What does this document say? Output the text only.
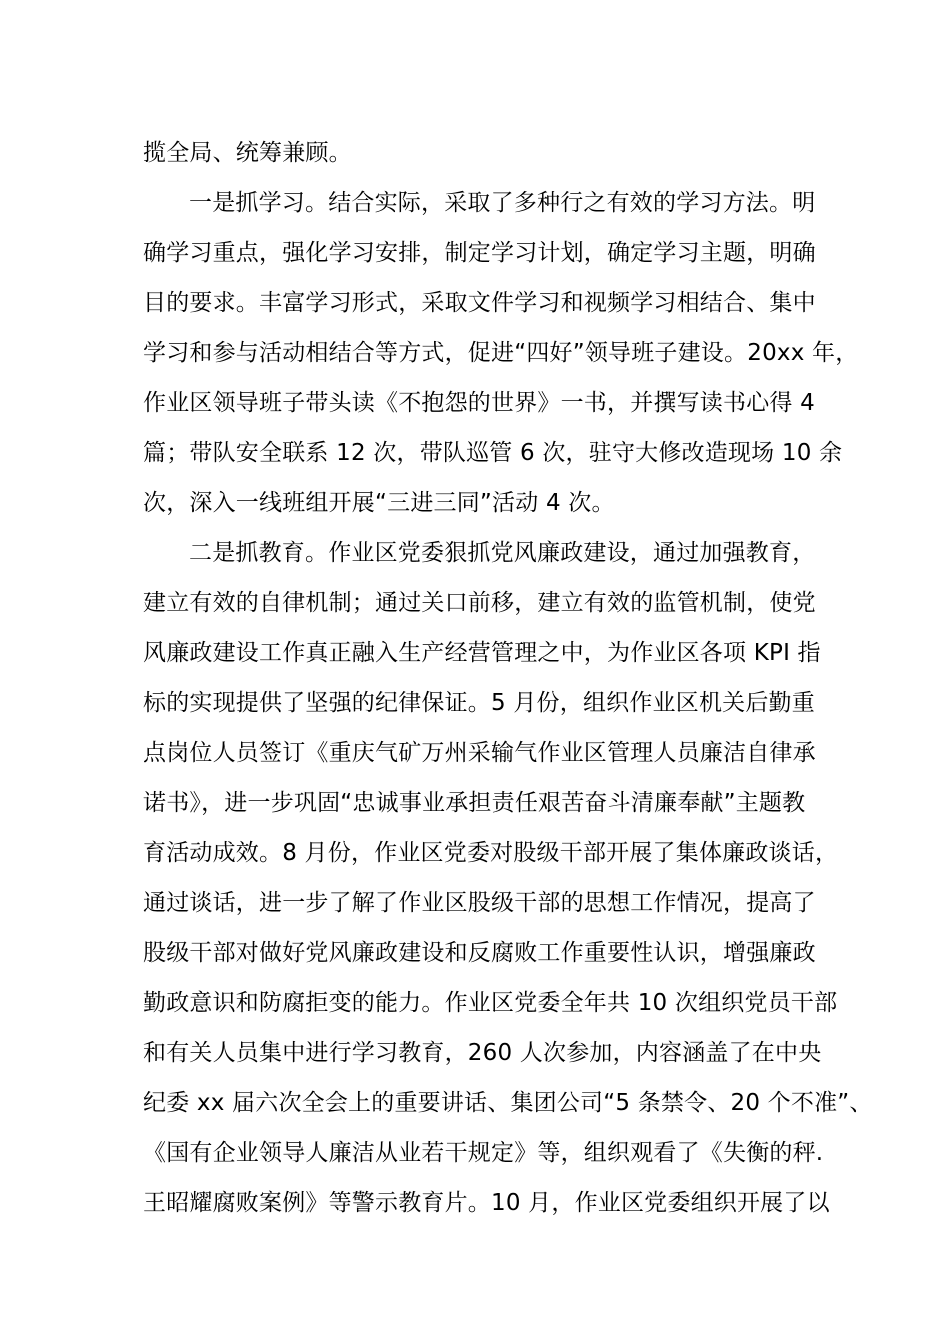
揽全局、统筹兼顾。
一是抓学习。结合实际，采取了多种行之有效的学习方法。明
确学习重点，强化学习安排，制定学习计划，确定学习主题，明确
目的要求。丰富学习形式，采取文件学习和视频学习相结合、集中
学习和参与活动相结合等方式，促进“四好”领导班子建设。20xx 年，
作业区领导班子带头读《不抱怨的世界》一书，并撰写读书心得 4
篇；带队安全联系 12 次，带队巡管 6 次，驻守大修改造现场 10 余
次，深入一线班组开展“三进三同”活动 4 次。
二是抓教育。作业区党委狠抓党风廉政建设，通过加强教育，
建立有效的自律机制；通过关口前移，建立有效的监管机制，使党
风廉政建设工作真正融入生产经营管理之中，为作业区各项 KPI 指
标的实现提供了坚强的纪律保证。5 月份，组织作业区机关后勤重
点岗位人员签订《重庆气矿万州采输气作业区管理人员廉洁自律承
诺书》，进一步巩固“忠诚事业承担责任艰苦奋斗清廉奉献”主题教
育活动成效。8 月份，作业区党委对股级干部开展了集体廉政谈话，
通过谈话，进一步了解了作业区股级干部的思想工作情况，提高了
股级干部对做好党风廉政建设和反腐败工作重要性认识，增强廉政
勤政意识和防腐拒变的能力。作业区党委全年共 10 次组织党员干部
和有关人员集中进行学习教育，260 人次参加，内容涵盖了在中央
纪委 xx 届六次全会上的重要讲话、集团公司“5 条禁令、20 个不准”、
《国有企业领导人廉洁从业若干规定》等，组织观看了《失衡的秤.
王昭耀腐败案例》等警示教育片。10 月，作业区党委组织开展了以
